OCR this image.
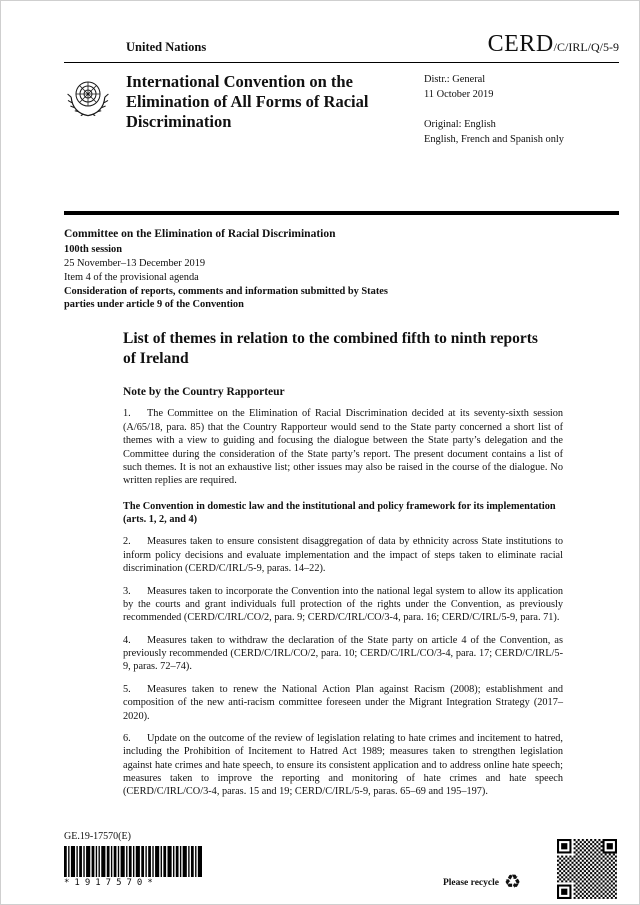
United Nations	CERD/C/IRL/Q/5-9
International Convention on the Elimination of All Forms of Racial Discrimination
Distr.: General
11 October 2019
Original: English
English, French and Spanish only
Committee on the Elimination of Racial Discrimination
100th session
25 November–13 December 2019
Item 4 of the provisional agenda
Consideration of reports, comments and information submitted by States parties under article 9 of the Convention
List of themes in relation to the combined fifth to ninth reports of Ireland
Note by the Country Rapporteur

1. The Committee on the Elimination of Racial Discrimination decided at its seventy-sixth session (A/65/18, para. 85) that the Country Rapporteur would send to the State party concerned a short list of themes with a view to guiding and focusing the dialogue between the State party’s delegation and the Committee during the consideration of the State party’s report. The present document contains a list of such themes. It is not an exhaustive list; other issues may also be raised in the course of the dialogue. No written replies are required.

The Convention in domestic law and the institutional and policy framework for its implementation (arts. 1, 2, and 4)

2. Measures taken to ensure consistent disaggregation of data by ethnicity across State institutions to inform policy decisions and evaluate implementation and the impact of steps taken to eliminate racial discrimination (CERD/C/IRL/5-9, paras. 14–22).

3. Measures taken to incorporate the Convention into the national legal system to allow its application by the courts and grant individuals full protection of the rights under the Convention, as previously recommended (CERD/C/IRL/CO/2, para. 9; CERD/C/IRL/CO/3-4, para. 16; CERD/C/IRL/5-9, para. 71).

4. Measures taken to withdraw the declaration of the State party on article 4 of the Convention, as previously recommended (CERD/C/IRL/CO/2, para. 10; CERD/C/IRL/CO/3-4, para. 17; CERD/C/IRL/5-9, paras. 72–74).

5. Measures taken to renew the National Action Plan against Racism (2008); establishment and composition of the new anti-racism committee foreseen under the Migrant Integration Strategy (2017–2020).

6. Update on the outcome of the review of legislation relating to hate crimes and incitement to hatred, including the Prohibition of Incitement to Hatred Act 1989; measures taken to strengthen legislation against hate crimes and hate speech, to ensure its consistent application and to address online hate speech; measures taken to improve the reporting and monitoring of hate crimes and hate speech (CERD/C/IRL/CO/3-4, paras. 15 and 19; CERD/C/IRL/5-9, paras. 65–69 and 195–197).

GE.19-17570(E)
*1917570*	Please recycle ♻
